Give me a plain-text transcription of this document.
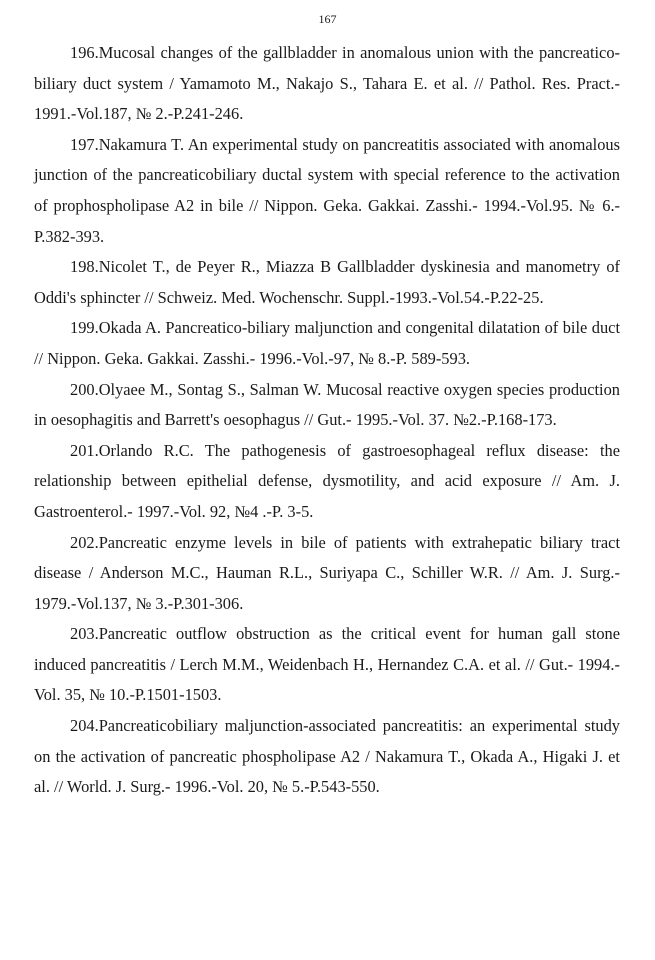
167

196.Mucosal changes of the gallbladder in anomalous union with the pancreatico-biliary duct system / Yamamoto M., Nakajo S., Tahara E. et al. // Pathol. Res. Pract.- 1991.-Vol.187, № 2.-P.241-246.

197.Nakamura T. An experimental study on pancreatitis associated with anomalous junction of the pancreaticobiliary ductal system with special reference to the activation of prophospholipase A2 in bile // Nippon. Geka. Gakkai. Zasshi.- 1994.-Vol.95. № 6.-P.382-393.

198.Nicolet T., de Peyer R., Miazza B Gallbladder dyskinesia and manometry of Oddi's sphincter // Schweiz. Med. Wochenschr. Suppl.-1993.-Vol.54.-P.22-25.

199.Okada A. Pancreatico-biliary maljunction and congenital dilatation of bile duct // Nippon. Geka. Gakkai. Zasshi.- 1996.-Vol.-97, № 8.-P. 589-593.

200.Olyaee M., Sontag S., Salman W. Mucosal reactive oxygen species production in oesophagitis and Barrett's oesophagus // Gut.- 1995.-Vol. 37. №2.-P.168-173.

201.Orlando R.C. The pathogenesis of gastroesophageal reflux disease: the relationship between epithelial defense, dysmotility, and acid exposure // Am. J. Gastroenterol.- 1997.-Vol. 92, №4 .-P. 3-5.

202.Pancreatic enzyme levels in bile of patients with extrahepatic biliary tract disease / Anderson M.C., Hauman R.L., Suriyapa C., Schiller W.R. // Am. J. Surg.- 1979.-Vol.137, № 3.-P.301-306.

203.Pancreatic outflow obstruction as the critical event for human gall stone induced pancreatitis / Lerch M.M., Weidenbach H., Hernandez C.A. et al. // Gut.- 1994.-Vol. 35, № 10.-P.1501-1503.

204.Pancreaticobiliary maljunction-associated pancreatitis: an experimental study on the activation of pancreatic phospholipase A2 / Nakamura T., Okada A., Higaki J. et al. // World. J. Surg.- 1996.-Vol. 20, № 5.-P.543-550.
